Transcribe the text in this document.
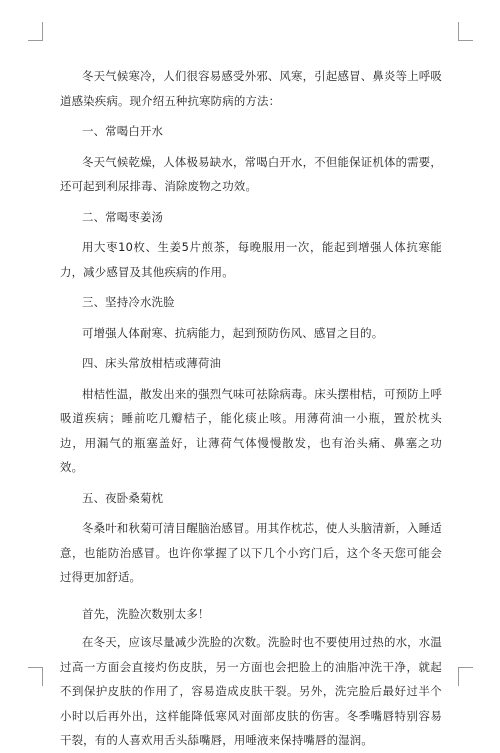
冬天气候寒冷，人们很容易感受外邪、风寒，引起感冒、鼻炎等上呼吸道感染疾病。现介绍五种抗寒防病的方法：

一、常喝白开水

冬天气候乾燥，人体极易缺水，常喝白开水，不但能保证机体的需要，还可起到利尿排毒、消除废物之功效。

二、常喝枣姜汤

用大枣10枚、生姜5片煎茶，每晚服用一次，能起到增强人体抗寒能力，减少感冒及其他疾病的作用。

三、坚持冷水洗脸

可增强人体耐寒、抗病能力，起到预防伤风、感冒之目的。

四、床头常放柑桔或薄荷油

柑桔性温，散发出来的强烈气味可祛除病毒。床头摆柑桔，可预防上呼吸道疾病；睡前吃几瓣桔子，能化痰止咳。用薄荷油一小瓶，置於枕头边，用漏气的瓶塞盖好，让薄荷气体慢慢散发，也有治头痛、鼻塞之功效。

五、夜卧桑菊枕

冬桑叶和秋菊可清目醒脑治感冒。用其作枕芯，使人头脑清新，入睡适意，也能防治感冒。也许你掌握了以下几个小窍门后，这个冬天您可能会过得更加舒适。

首先，洗脸次数别太多！

在冬天，应该尽量减少洗脸的次数。洗脸时也不要使用过热的水，水温过高一方面会直接灼伤皮肤，另一方面也会把脸上的油脂冲洗干净，就起不到保护皮肤的作用了，容易造成皮肤干裂。另外，洗完脸后最好过半个小时以后再外出，这样能降低寒风对面部皮肤的伤害。冬季嘴唇特别容易干裂，有的人喜欢用舌头舔嘴唇，用唾液来保持嘴唇的湿润。
